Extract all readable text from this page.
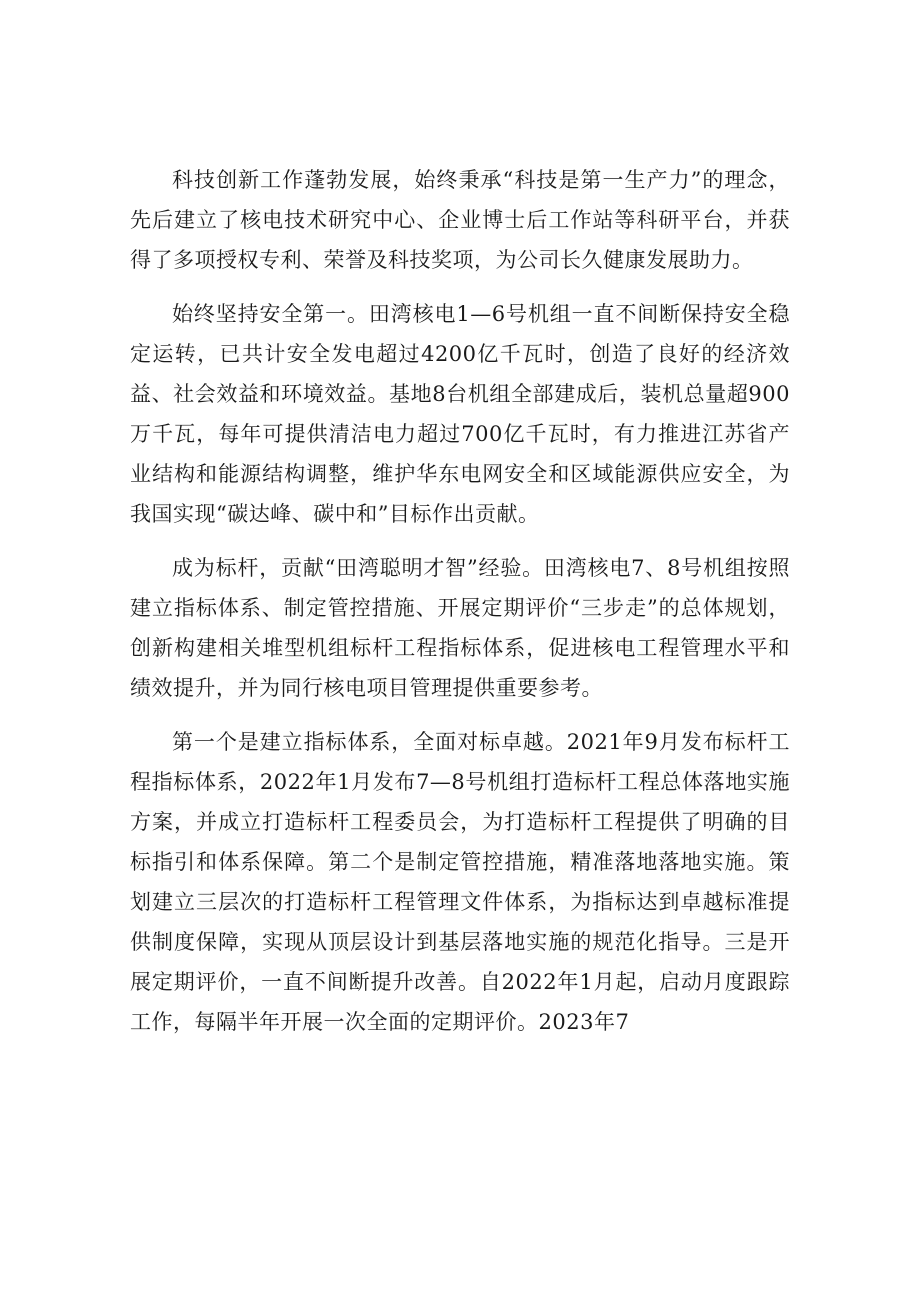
科技创新工作蓬勃发展，始终秉承“科技是第一生产力”的理念，先后建立了核电技术研究中心、企业博士后工作站等科研平台，并获得了多项授权专利、荣誉及科技奖项，为公司长久健康发展助力。

始终坚持安全第一。田湾核电1—6号机组一直不间断保持安全稳定运转，已共计安全发电超过4200亿千瓦时，创造了良好的经济效益、社会效益和环境效益。基地8台机组全部建成后，装机总量超900万千瓦，每年可提供清洁电力超过700亿千瓦时，有力推进江苏省产业结构和能源结构调整，维护华东电网安全和区域能源供应安全，为我国实现“碳达峰、碳中和”目标作出贡献。

成为标杆，贡献“田湾聪明才智”经验。田湾核电7、8号机组按照建立指标体系、制定管控措施、开展定期评价“三步走”的总体规划，创新构建相关堆型机组标杆工程指标体系，促进核电工程管理水平和绩效提升，并为同行核电项目管理提供重要参考。

第一个是建立指标体系，全面对标卓越。2021年9月发布标杆工程指标体系，2022年1月发布7—8号机组打造标杆工程总体落地实施方案，并成立打造标杆工程委员会，为打造标杆工程提供了明确的目标指引和体系保障。第二个是制定管控措施，精准落地落地实施。策划建立三层次的打造标杆工程管理文件体系，为指标达到卓越标准提供制度保障，实现从顶层设计到基层落地实施的规范化指导。三是开展定期评价，一直不间断提升改善。自2022年1月起，启动月度跟踪工作，每隔半年开展一次全面的定期评价。2023年7
